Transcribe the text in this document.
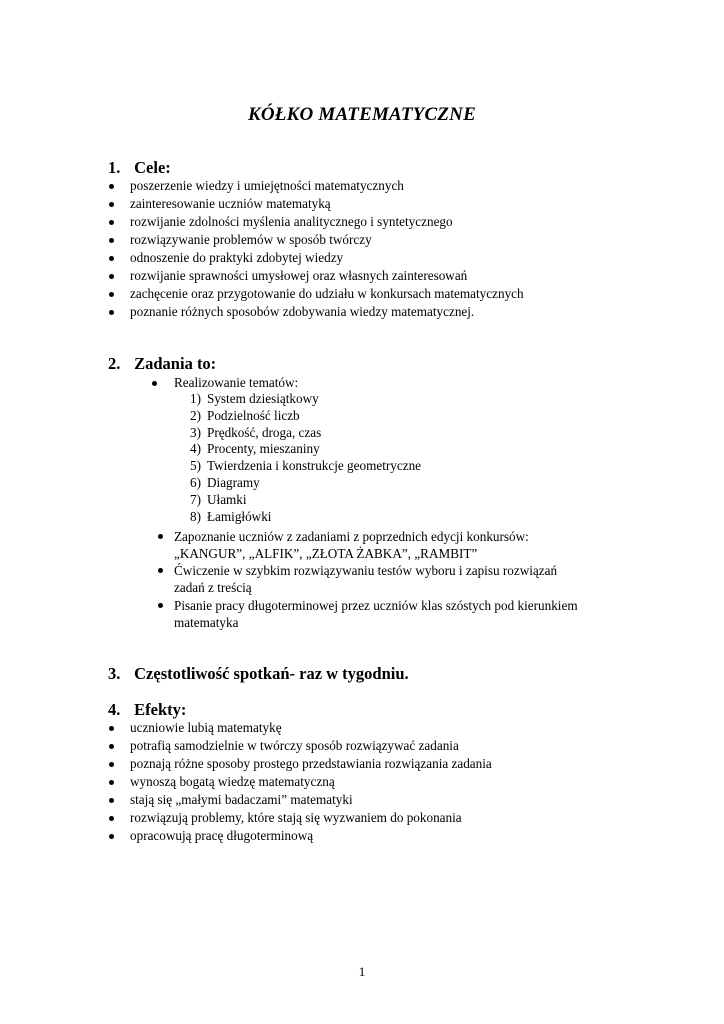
KÓŁKO MATEMATYCZNE
1. Cele:
poszerzenie wiedzy i umiejętności matematycznych
zainteresowanie uczniów matematyką
rozwijanie zdolności myślenia analitycznego i syntetycznego
rozwiązywanie problemów w sposób twórczy
odnoszenie do praktyki zdobytej wiedzy
rozwijanie sprawności umysłowej oraz własnych zainteresowań
zachęcenie oraz przygotowanie do udziału w konkursach matematycznych
poznanie różnych sposobów zdobywania wiedzy matematycznej.
2. Zadania to:
Realizowanie tematów:
1) System dziesiątkowy
2) Podzielność liczb
3) Prędkość, droga, czas
4) Procenty, mieszaniny
5) Twierdzenia i konstrukcje geometryczne
6) Diagramy
7) Ułamki
8) Łamigłówki
Zapoznanie uczniów z zadaniami z poprzednich edycji konkursów:
„KANGUR”, „ALFIK”, „ZŁOTA ŻABKA”, „RAMBIT”
Ćwiczenie w szybkim rozwiązywaniu testów wyboru i zapisu rozwiązań
zadań z treścią
Pisanie pracy długoterminowej przez uczniów klas szóstych pod kierunkiem
matematyka
3. Częstotliwość spotkań- raz w tygodniu.
4. Efekty:
uczniowie lubią matematykę
potrafią samodzielnie w twórczy sposób rozwiązywać zadania
poznają różne sposoby prostego przedstawiania rozwiązania zadania
wynoszą bogatą wiedzę matematyczną
stają się „małymi badaczami” matematyki
rozwiązują problemy, które stają się wyzwaniem do pokonania
opracowują pracę długoterminową
1
